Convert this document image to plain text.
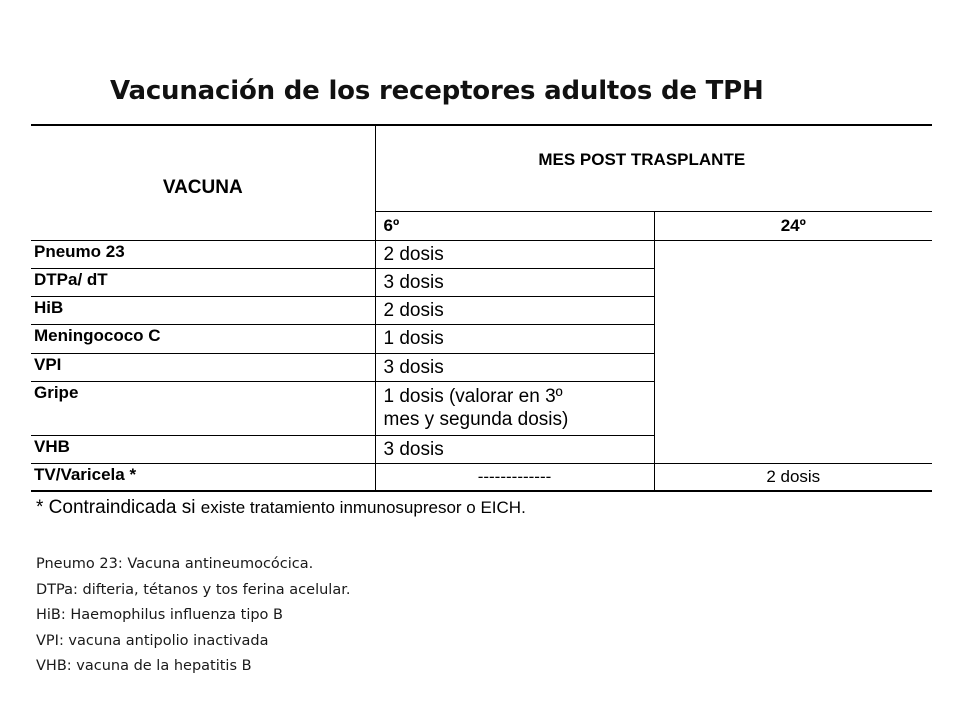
Vacunación de los receptores adultos de TPH
VACUNA	MES POST TRASPLANTE	
	6º	24º
Pneumo 23	2 dosis	
DTPa/ dT	3 dosis	
HiB	2 dosis	
Meningococo C	1 dosis	
VPI	3 dosis	
Gripe	1 dosis (valorar en 3º
mes y segunda dosis)	

VHB	3 dosis	
TV/Varicela *	-------------	2 dosis
* Contraindicada si existe tratamiento inmunosupresor o EICH.
Pneumo 23: Vacuna antineumocócica.
DTPa: difteria, tétanos y tos ferina acelular.
HiB: Haemophilus influenza tipo B
VPI: vacuna antipolio inactivada
VHB: vacuna de la hepatitis B
